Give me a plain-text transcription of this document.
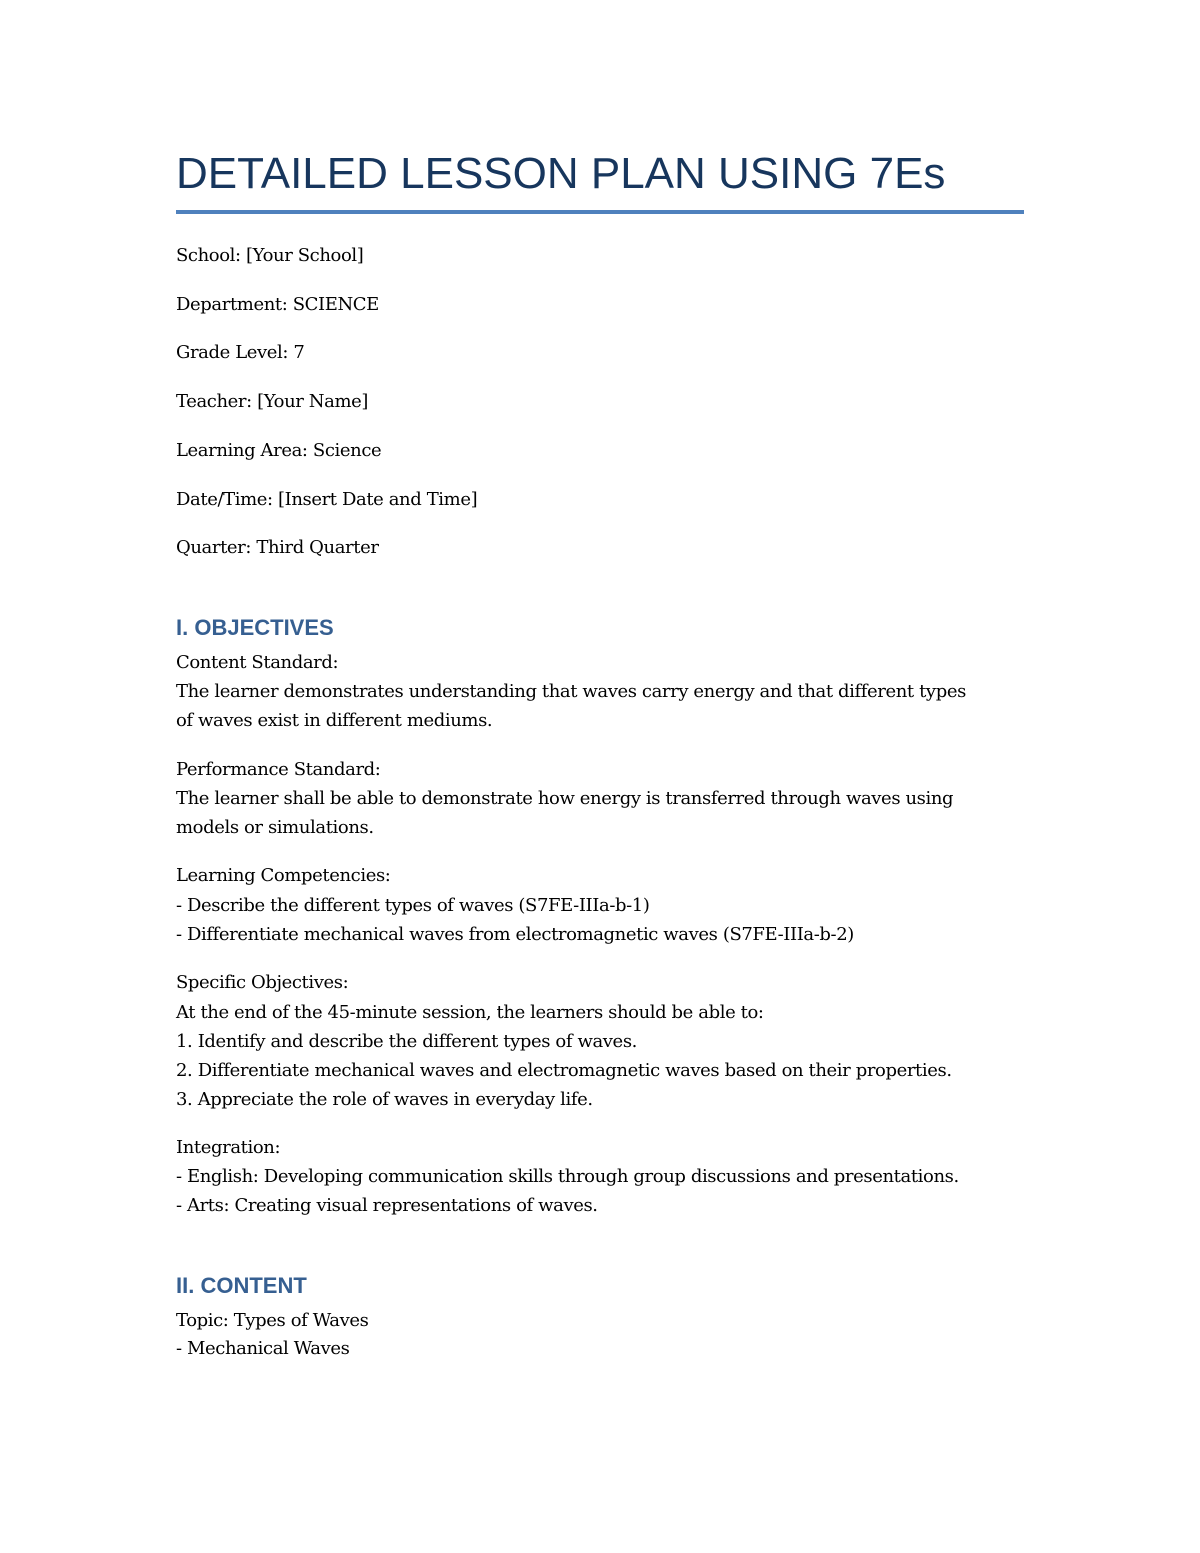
DETAILED LESSON PLAN USING 7Es

School: [Your School]

Department: SCIENCE

Grade Level: 7

Teacher: [Your Name]

Learning Area: Science

Date/Time: [Insert Date and Time]

Quarter: Third Quarter

I. OBJECTIVES

Content Standard:

The learner demonstrates understanding that waves carry energy and that different types

of waves exist in different mediums.

Performance Standard:

The learner shall be able to demonstrate how energy is transferred through waves using

models or simulations.

Learning Competencies:

- Describe the different types of waves (S7FE-IIIa-b-1)

- Differentiate mechanical waves from electromagnetic waves (S7FE-IIIa-b-2)

Specific Objectives:

At the end of the 45-minute session, the learners should be able to:

1. Identify and describe the different types of waves.

2. Differentiate mechanical waves and electromagnetic waves based on their properties.

3. Appreciate the role of waves in everyday life.

Integration:

- English: Developing communication skills through group discussions and presentations.

- Arts: Creating visual representations of waves.

II. CONTENT

Topic: Types of Waves

- Mechanical Waves
